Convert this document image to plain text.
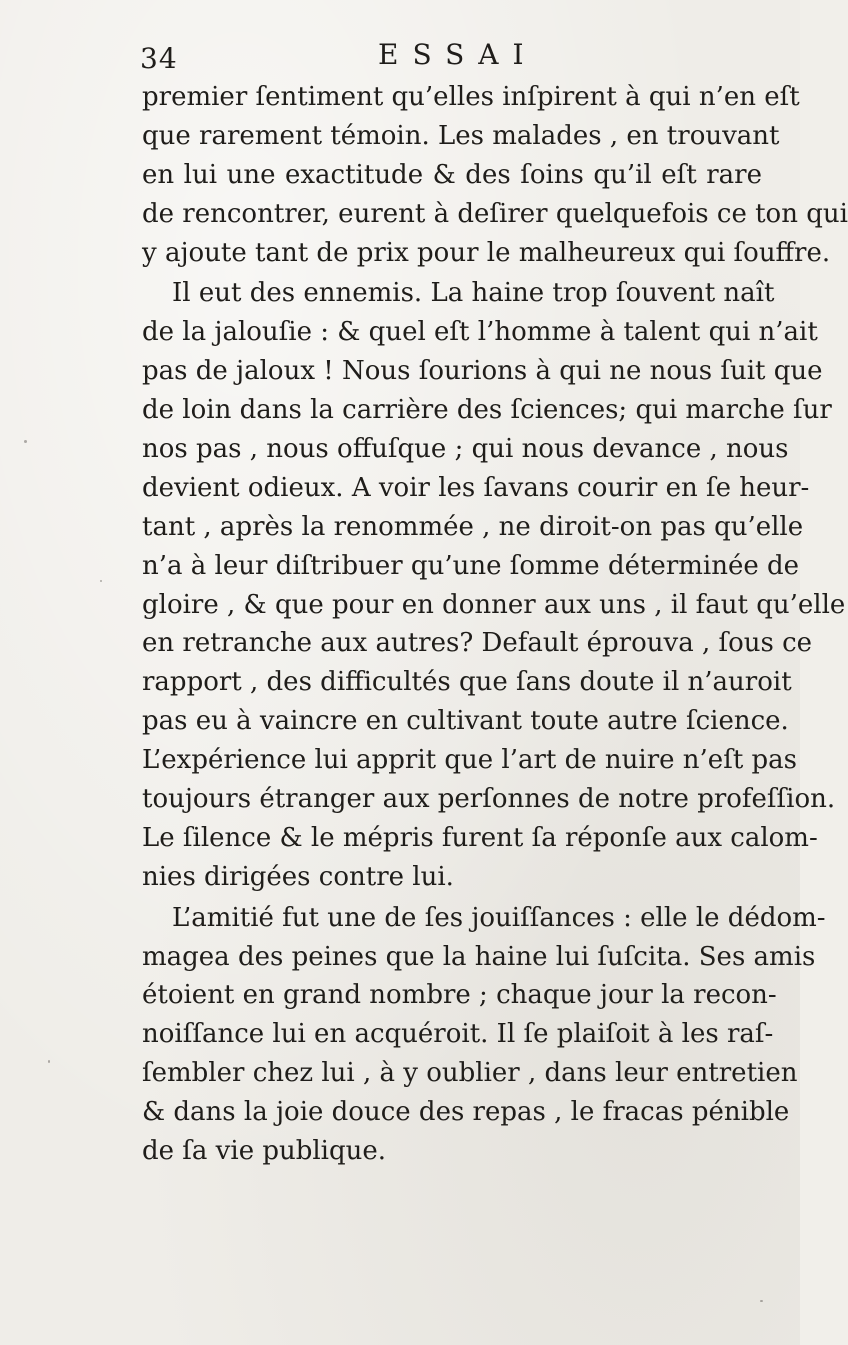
34	ESSAI
premier ſentiment qu’elles inſpirent à qui n’en eſt
que rarement témoin. Les malades , en trouvant
en lui une exactitude & des ſoins qu’il eſt rare
de rencontrer, eurent à deſirer quelquefois ce ton qui
y ajoute tant de prix pour le malheureux qui ſouffre.
Il eut des ennemis. La haine trop ſouvent naît
de la jalouſie : & quel eſt l’homme à talent qui n’ait
pas de jaloux ! Nous ſourions à qui ne nous ſuit que
de loin dans la carrière des ſciences; qui marche ſur
nos pas , nous offuſque ; qui nous devance , nous
devient odieux. A voir les ſavans courir en ſe heur-
tant , après la renommée , ne diroit-on pas qu’elle
n’a à leur diſtribuer qu’une ſomme déterminée de
gloire , & que pour en donner aux uns , il faut qu’elle
en retranche aux autres? Default éprouva , ſous ce
rapport , des difficultés que ſans doute il n’auroit
pas eu à vaincre en cultivant toute autre ſcience.
L’expérience lui apprit que l’art de nuire n’eſt pas
toujours étranger aux perſonnes de notre profeſſion.
Le ſilence & le mépris furent ſa réponſe aux calom-
nies dirigées contre lui.
L’amitié fut une de ſes jouiſſances : elle le dédom-
magea des peines que la haine lui ſuſcita. Ses amis
étoient en grand nombre ; chaque jour la recon-
noiſſance lui en acquéroit. Il ſe plaiſoit à les raſ-
ſembler chez lui , à y oublier , dans leur entretien
& dans la joie douce des repas , le fracas pénible
de ſa vie publique.
